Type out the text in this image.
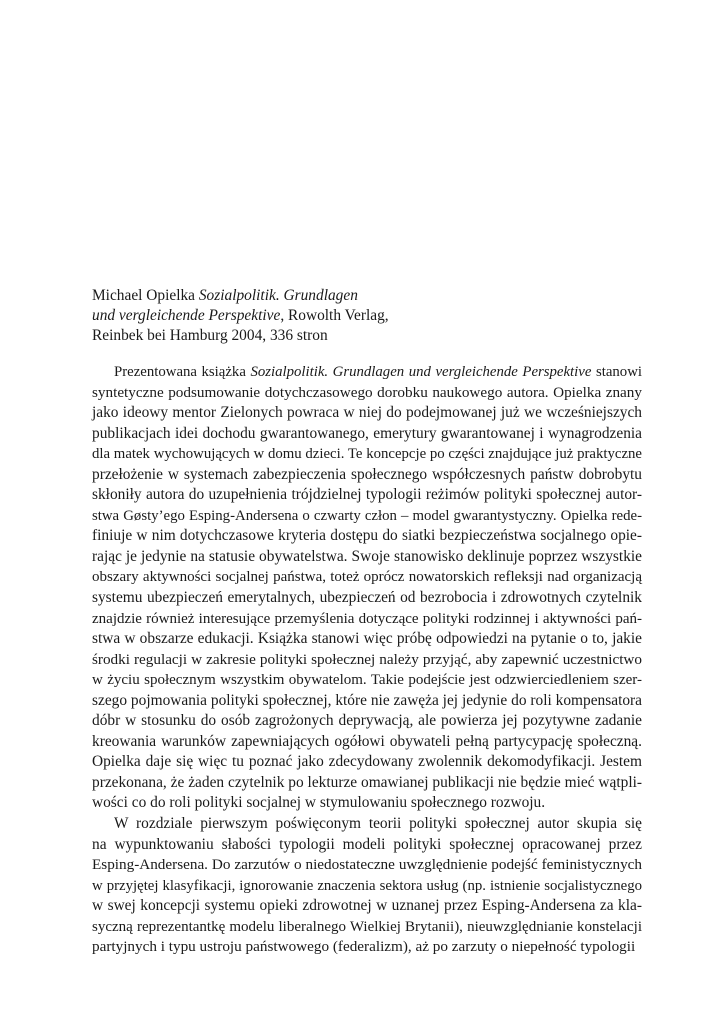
Michael Opielka Sozialpolitik. Grundlagen
und vergleichende Perspektive, Rowolth Verlag,
Reinbek bei Hamburg 2004, 336 stron
Prezentowana książka Sozialpolitik. Grundlagen und vergleichende Perspektive stanowi
syntetyczne podsumowanie dotychczasowego dorobku naukowego autora. Opielka znany
jako ideowy mentor Zielonych powraca w niej do podejmowanej już we wcześniejszych
publikacjach idei dochodu gwarantowanego, emerytury gwarantowanej i wynagrodzenia
dla matek wychowujących w domu dzieci. Te koncepcje po części znajdujące już praktyczne
przełożenie w systemach zabezpieczenia społecznego współczesnych państw dobrobytu
skłoniły autora do uzupełnienia trójdzielnej typologii reżimów polityki społecznej autor-
stwa Gøsty’ego Esping-Andersena o czwarty człon – model gwarantystyczny. Opielka rede-
finiuje w nim dotychczasowe kryteria dostępu do siatki bezpieczeństwa socjalnego opie-
rając je jedynie na statusie obywatelstwa. Swoje stanowisko deklinuje poprzez wszystkie
obszary aktywności socjalnej państwa, toteż oprócz nowatorskich refleksji nad organizacją
systemu ubezpieczeń emerytalnych, ubezpieczeń od bezrobocia i zdrowotnych czytelnik
znajdzie również interesujące przemyślenia dotyczące polityki rodzinnej i aktywności pań-
stwa w obszarze edukacji. Książka stanowi więc próbę odpowiedzi na pytanie o to, jakie
środki regulacji w zakresie polityki społecznej należy przyjąć, aby zapewnić uczestnictwo
w życiu społecznym wszystkim obywatelom. Takie podejście jest odzwierciedleniem szer-
szego pojmowania polityki społecznej, które nie zawęża jej jedynie do roli kompensatora
dóbr w stosunku do osób zagrożonych deprywacją, ale powierza jej pozytywne zadanie
kreowania warunków zapewniających ogółowi obywateli pełną partycypację społeczną.
Opielka daje się więc tu poznać jako zdecydowany zwolennik dekomodyfikacji. Jestem
przekonana, że żaden czytelnik po lekturze omawianej publikacji nie będzie mieć wątpli-
wości co do roli polityki socjalnej w stymulowaniu społecznego rozwoju.
W rozdziale pierwszym poświęconym teorii polityki społecznej autor skupia się
na wypunktowaniu słabości typologii modeli polityki społecznej opracowanej przez
Esping-Andersena. Do zarzutów o niedostateczne uwzględnienie podejść feministycznych
w przyjętej klasyfikacji, ignorowanie znaczenia sektora usług (np. istnienie socjalistycznego
w swej koncepcji systemu opieki zdrowotnej w uznanej przez Esping-Andersena za kla-
syczną reprezentantkę modelu liberalnego Wielkiej Brytanii), nieuwzględnianie konstelacji
partyjnych i typu ustroju państwowego (federalizm), aż po zarzuty o niepełność typologii
